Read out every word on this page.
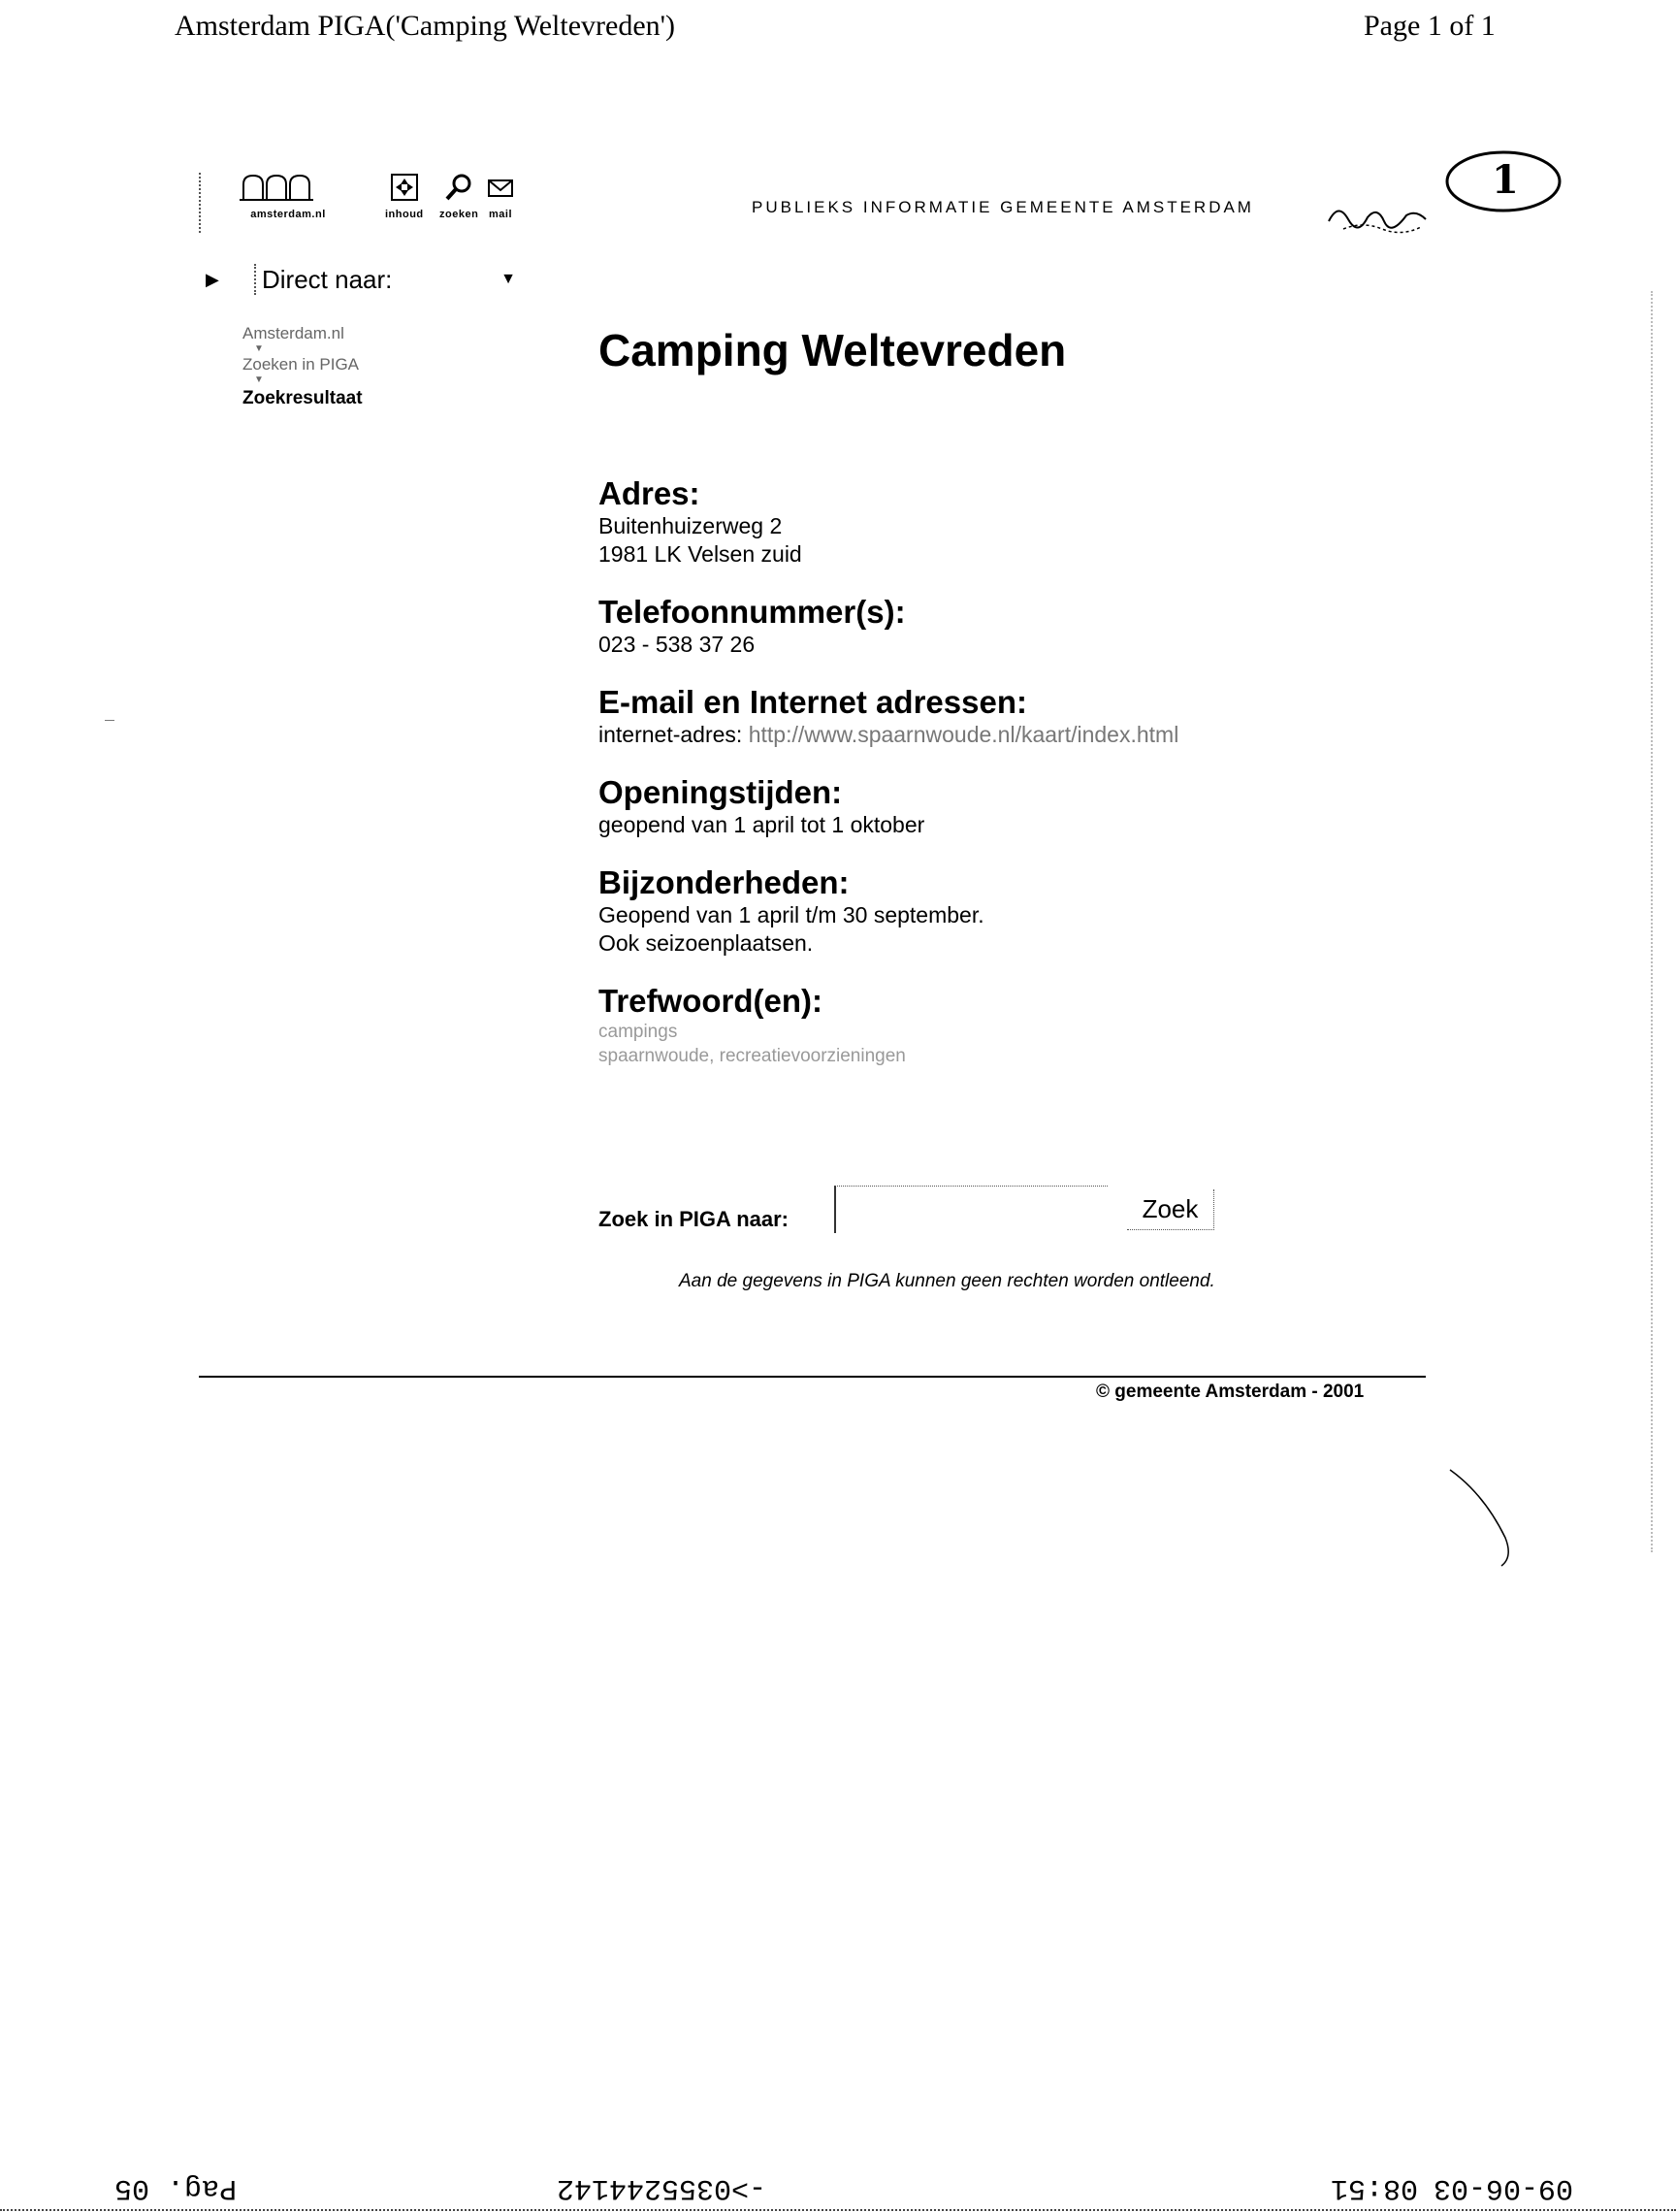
Amsterdam PIGA('Camping Weltevreden')	Page 1 of 1
amsterdam.nl	inhoud zoeken mail	PUBLIEKS INFORMATIE GEMEENTE AMSTERDAM
1
▶ Direct naar:	▼
Amsterdam.nl
▼
Zoeken in PIGA
▼
Zoekresultaat
Camping Weltevreden
Adres:
Buitenhuizerweg 2
1981 LK Velsen zuid
Telefoonnummer(s):
023 - 538 37 26
E-mail en Internet adressen:
internet-adres: http://www.spaarnwoude.nl/kaart/index.html
Openingstijden:
geopend van 1 april tot 1 oktober
Bijzonderheden:
Geopend van 1 april t/m 30 september.
Ook seizoenplaatsen.
Trefwoord(en):
campings
spaarnwoude, recreatievoorzieningen
Zoek in PIGA naar:	Zoek
Aan de gegevens in PIGA kunnen geen rechten worden ontleend.
© gemeente Amsterdam - 2001
Pag. 05	->0355244142	08:51 09-06-03
